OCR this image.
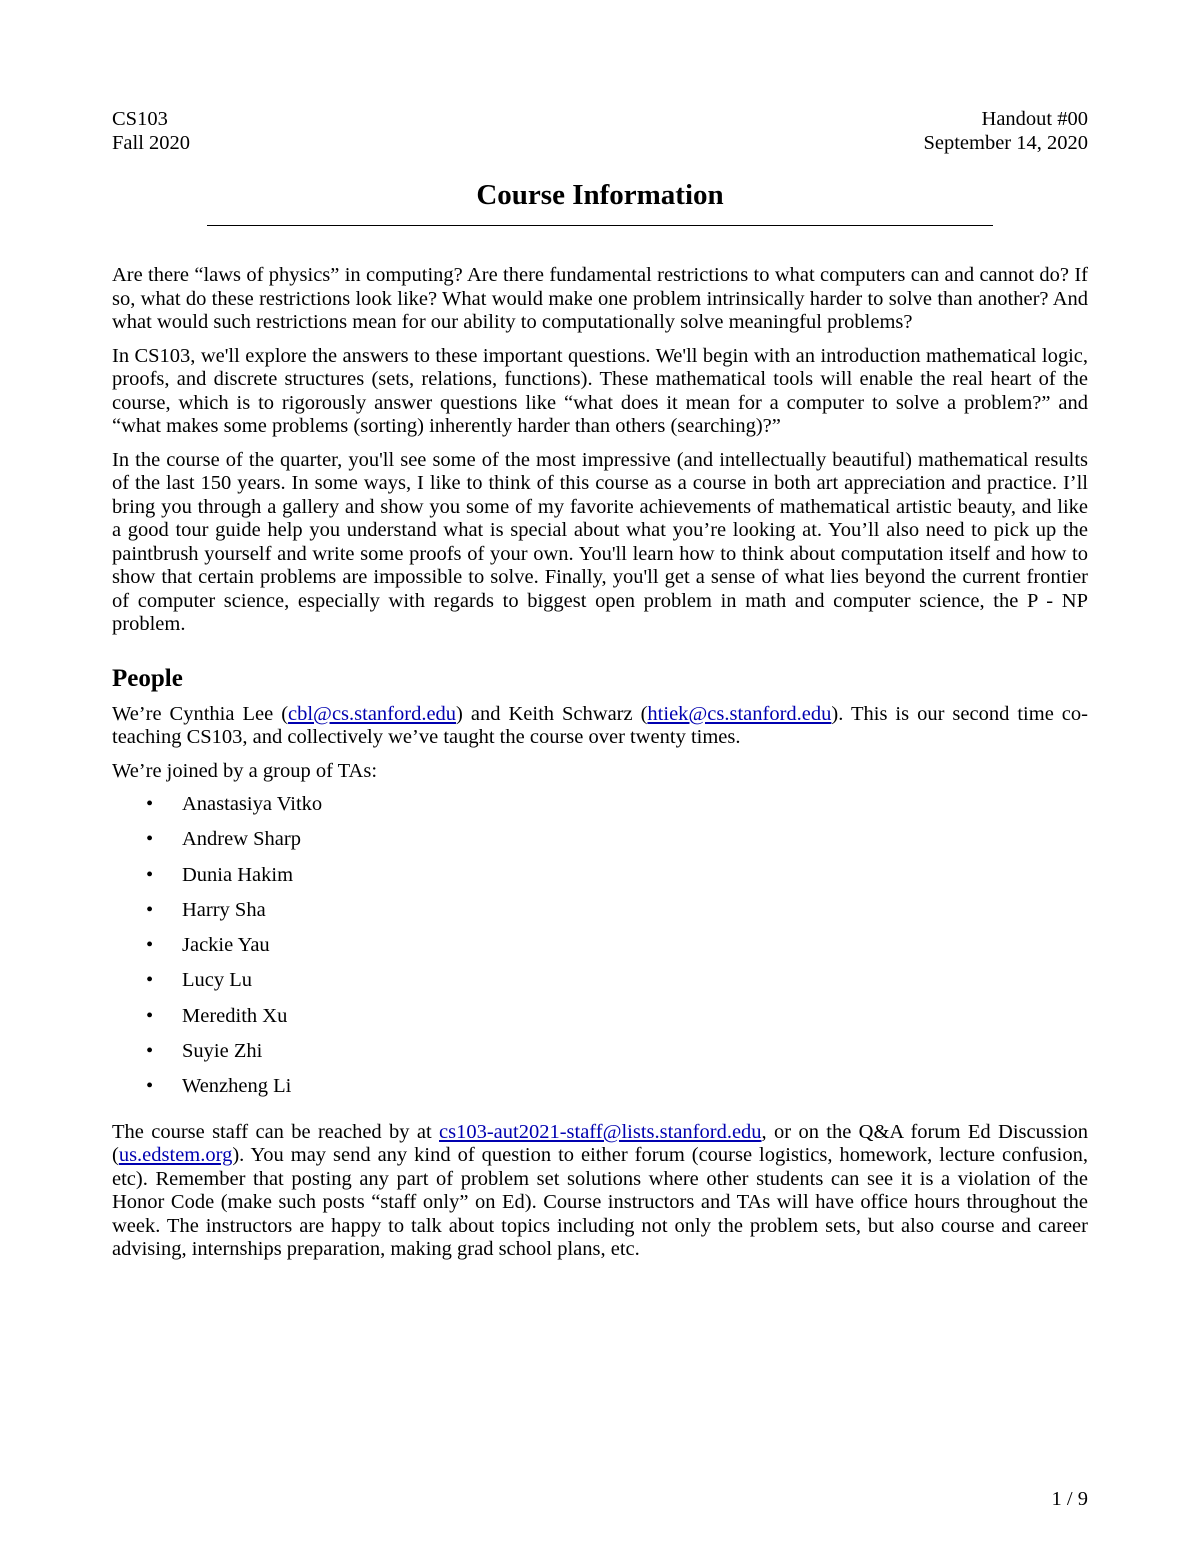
CS103
Fall 2020
Handout #00
September 14, 2020
Course Information

Are there “laws of physics” in computing? Are there fundamental restrictions to what computers can and cannot do? If so, what do these restrictions look like? What would make one problem intrinsically harder to solve than another? And what would such restrictions mean for our ability to computationally solve meaningful problems?

In CS103, we'll explore the answers to these important questions. We'll begin with an introduction mathematical logic, proofs, and discrete structures (sets, relations, functions). These mathematical tools will enable the real heart of the course, which is to rigorously answer questions like “what does it mean for a computer to solve a problem?” and “what makes some problems (sorting) inherently harder than others (searching)?”

In the course of the quarter, you'll see some of the most impressive (and intellectually beautiful) mathematical results of the last 150 years. In some ways, I like to think of this course as a course in both art appreciation and practice. I’ll bring you through a gallery and show you some of my favorite achievements of mathematical artistic beauty, and like a good tour guide help you understand what is special about what you’re looking at. You’ll also need to pick up the paintbrush yourself and write some proofs of your own. You'll learn how to think about computation itself and how to show that certain problems are impossible to solve. Finally, you'll get a sense of what lies beyond the current frontier of computer science, especially with regards to biggest open problem in math and computer science, the P - NP problem.

People

We’re Cynthia Lee (cbl@cs.stanford.edu) and Keith Schwarz (htiek@cs.stanford.edu). This is our second time co-teaching CS103, and collectively we’ve taught the course over twenty times.

We’re joined by a group of TAs:

• Anastasiya Vitko
• Andrew Sharp
• Dunia Hakim
• Harry Sha
• Jackie Yau
• Lucy Lu
• Meredith Xu
• Suyie Zhi
• Wenzheng Li

The course staff can be reached by at cs103-aut2021-staff@lists.stanford.edu, or on the Q&A forum Ed Discussion (us.edstem.org). You may send any kind of question to either forum (course logistics, homework, lecture confusion, etc). Remember that posting any part of problem set solutions where other students can see it is a violation of the Honor Code (make such posts “staff only” on Ed). Course instructors and TAs will have office hours throughout the week. The instructors are happy to talk about topics including not only the problem sets, but also course and career advising, internships preparation, making grad school plans, etc.

1 / 9
